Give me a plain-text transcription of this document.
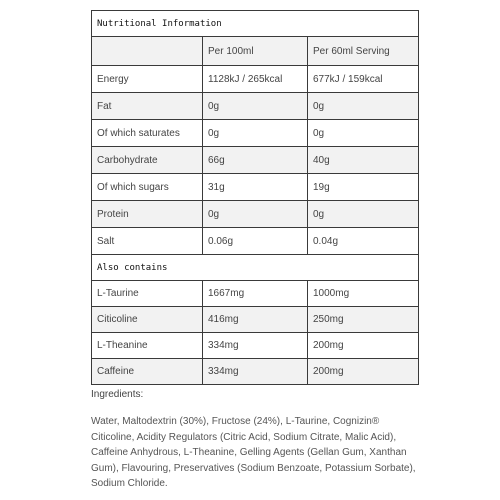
Nutritional Information		
	Per 100ml	Per 60ml Serving
Energy	1128kJ / 265kcal	677kJ / 159kcal
Fat	0g	0g
Of which saturates	0g	0g
Carbohydrate	66g	40g
Of which sugars	31g	19g
Protein	0g	0g
Salt	0.06g	0.04g
Also contains		
L-Taurine	1667mg	1000mg
Citicoline	416mg	250mg
L-Theanine	334mg	200mg
Caffeine	334mg	200mg
Ingredients:
Water, Maltodextrin (30%), Fructose (24%), L-Taurine, Cognizin® Citicoline, Acidity Regulators (Citric Acid, Sodium Citrate, Malic Acid), Caffeine Anhydrous, L-Theanine, Gelling Agents (Gellan Gum, Xanthan Gum), Flavouring, Preservatives (Sodium Benzoate, Potassium Sorbate), Sodium Chloride.
